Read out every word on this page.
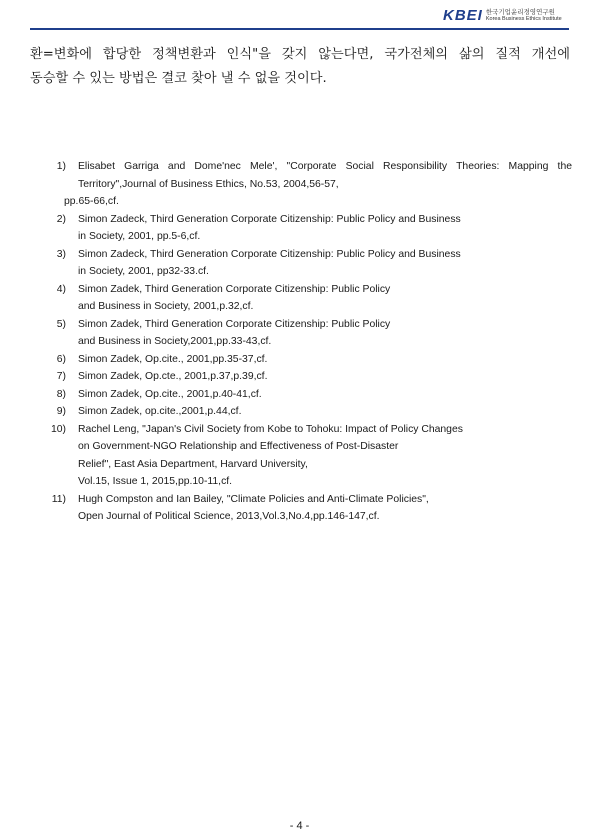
KBEI 한국기업윤리경영연구원
Korea Business Ethics Institute
환=변화에 합당한 정책변환과 인식"을 갖지 않는다면, 국가전체의 삶의 질적 개선에
동승할 수 있는 방법은 결코 찾아 낼 수 없을 것이다.
1) Elisabet Garriga and Dome'nec Mele', "Corporate Social Responsibility Theories: Mapping the
Territory",Journal of Business Ethics, No.53, 2004,56-57,
pp.65-66,cf.
2) Simon Zadeck, Third Generation Corporate Citizenship: Public Policy and Business
in Society, 2001, pp.5-6,cf.
3) Simon Zadeck, Third Generation Corporate Citizenship: Public Policy and Business
in Society, 2001, pp32-33.cf.
4) Simon Zadek, Third Generation Corporate Citizenship: Public Policy
and Business in Society, 2001,p.32,cf.
5) Simon Zadek, Third Generation Corporate Citizenship: Public Policy
and Business in Society,2001,pp.33-43,cf.
6) Simon Zadek, Op.cite., 2001,pp.35-37,cf.
7) Simon Zadek, Op.cte., 2001,p.37,p.39,cf.
8) Simon Zadek, Op.cite., 2001,p.40-41,cf.
9) Simon Zadek, op.cite.,2001,p.44,cf.
10) Rachel Leng, "Japan's Civil Society from Kobe to Tohoku: Impact of Policy Changes
on Government-NGO Relationship and Effectiveness of Post-Disaster
Relief", East Asia Department, Harvard University,
Vol.15, Issue 1, 2015,pp.10-11,cf.
11) Hugh Compston and Ian Bailey, "Climate Policies and Anti-Climate Policies",
Open Journal of Political Science, 2013,Vol.3,No.4,pp.146-147,cf.
- 4 -
